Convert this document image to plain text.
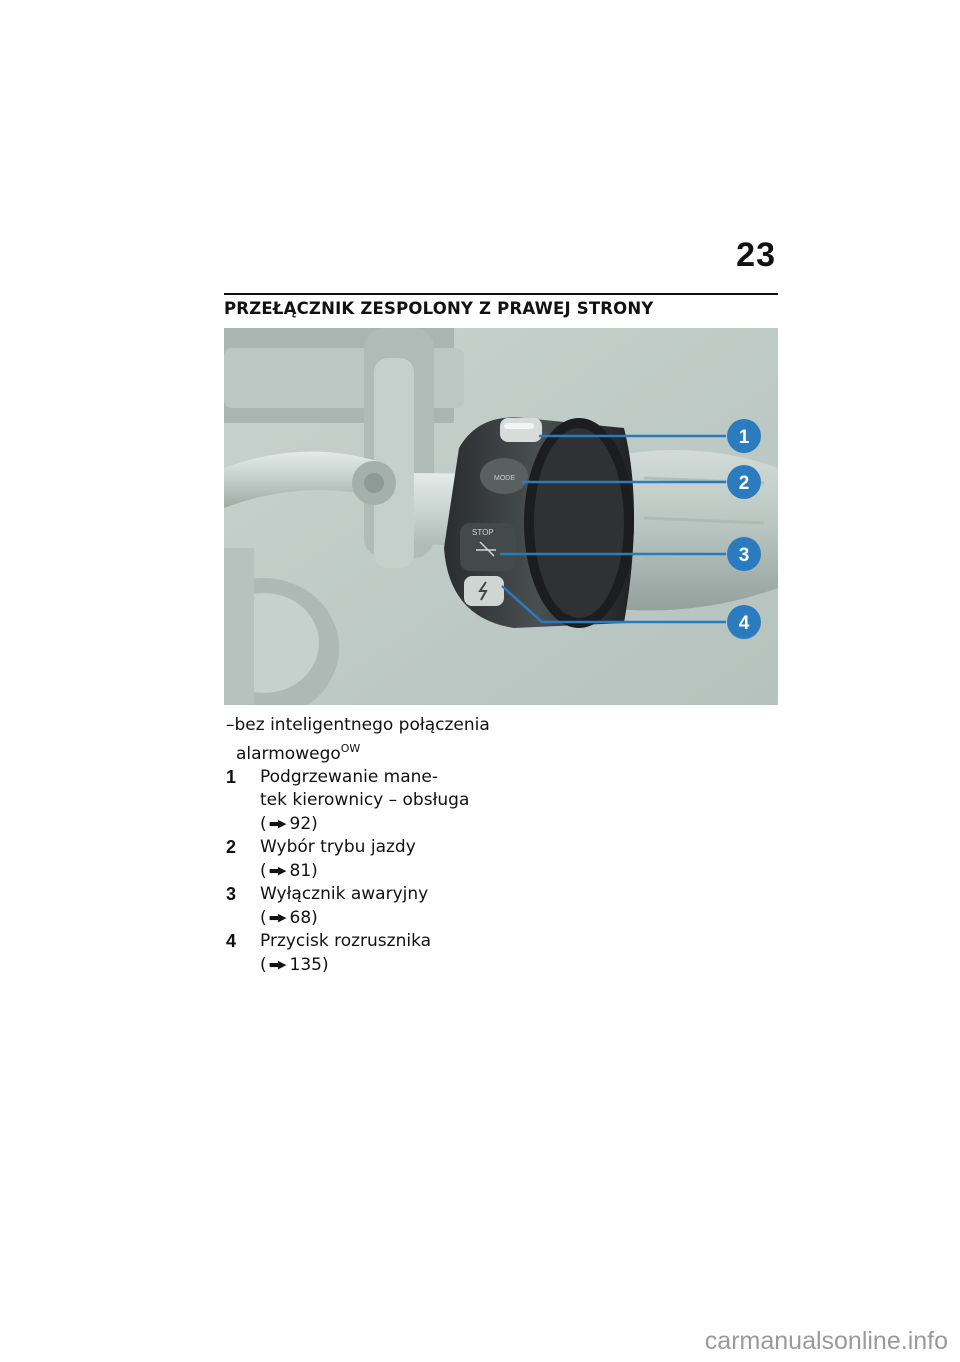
23
PRZEŁĄCZNIK ZESPOLONY Z PRAWEJ STRONY
MODE
STOP
1
2
3
4
–bez inteligentnego połączenia
alarmowego$^{OW}$
1	Podgrzewanie mane-
tek kierownicy – obsługa
( ▬▶ 92)
2	Wybór trybu jazdy
( ▬▶ 81)
3	Wyłącznik awaryjny
( ▬▶ 68)
4	Przycisk rozrusznika
( ▬▶ 135)
carmanualsonline.info
